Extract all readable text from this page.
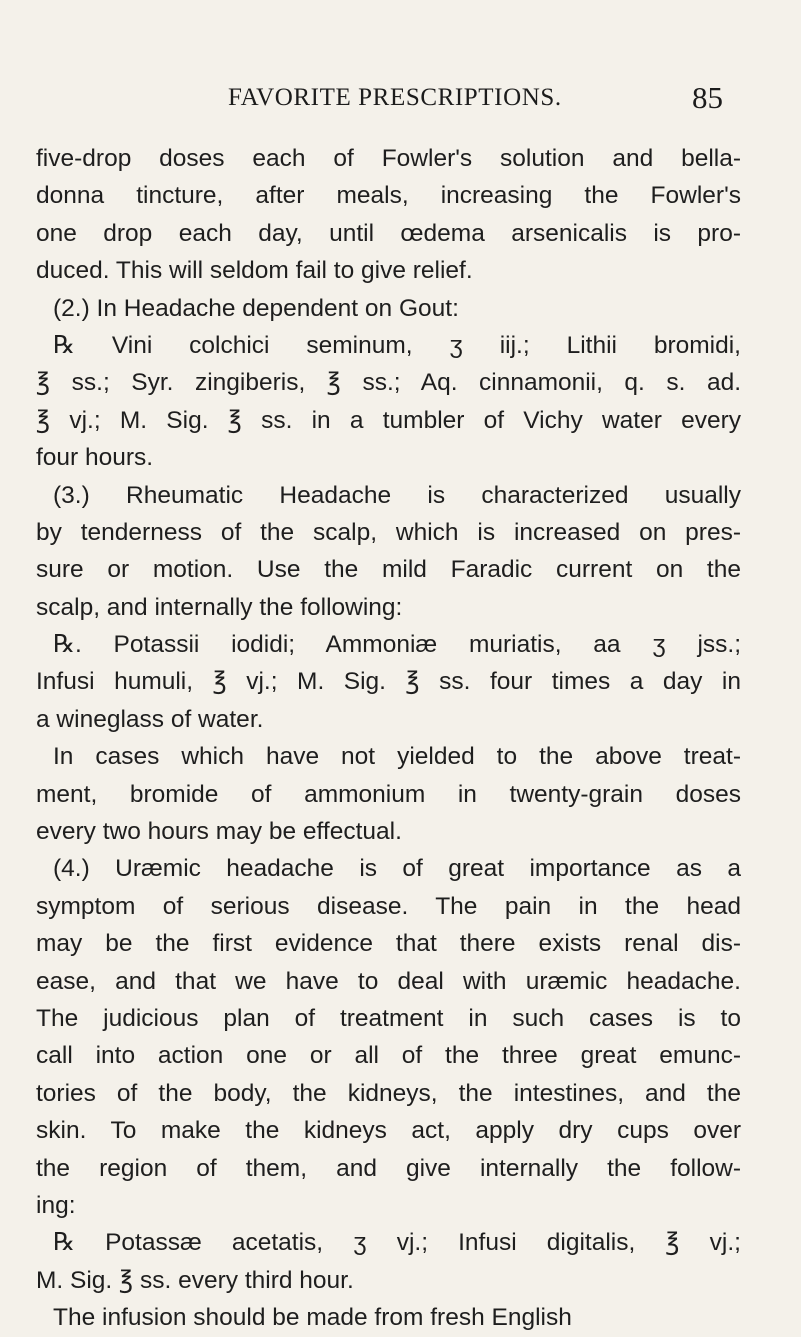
FAVORITE PRESCRIPTIONS.	85
five-drop doses each of Fowler's solution and bella-
donna tincture, after meals, increasing the Fowler's
one drop each day, until œdema arsenicalis is pro-
duced. This will seldom fail to give relief.
(2.) In Headache dependent on Gout:
℞ Vini colchici seminum, ʒ iij.; Lithii bromidi,
℥ ss.; Syr. zingiberis, ℥ ss.; Aq. cinnamonii, q. s. ad.
℥ vj.; M. Sig. ℥ ss. in a tumbler of Vichy water every
four hours.
(3.) Rheumatic Headache is characterized usually
by tenderness of the scalp, which is increased on pres-
sure or motion. Use the mild Faradic current on the
scalp, and internally the following:
℞. Potassii iodidi; Ammoniæ muriatis, aa ʒ jss.;
Infusi humuli, ℥ vj.; M. Sig. ℥ ss. four times a day in
a wineglass of water.
In cases which have not yielded to the above treat-
ment, bromide of ammonium in twenty-grain doses
every two hours may be effectual.
(4.) Uræmic headache is of great importance as a
symptom of serious disease. The pain in the head
may be the first evidence that there exists renal dis-
ease, and that we have to deal with uræmic headache.
The judicious plan of treatment in such cases is to
call into action one or all of the three great emunc-
tories of the body, the kidneys, the intestines, and the
skin. To make the kidneys act, apply dry cups over
the region of them, and give internally the follow-
ing:
℞ Potassæ acetatis, ʒ vj.; Infusi digitalis, ℥ vj.;
M. Sig. ℥ ss. every third hour.
The infusion should be made from fresh English
